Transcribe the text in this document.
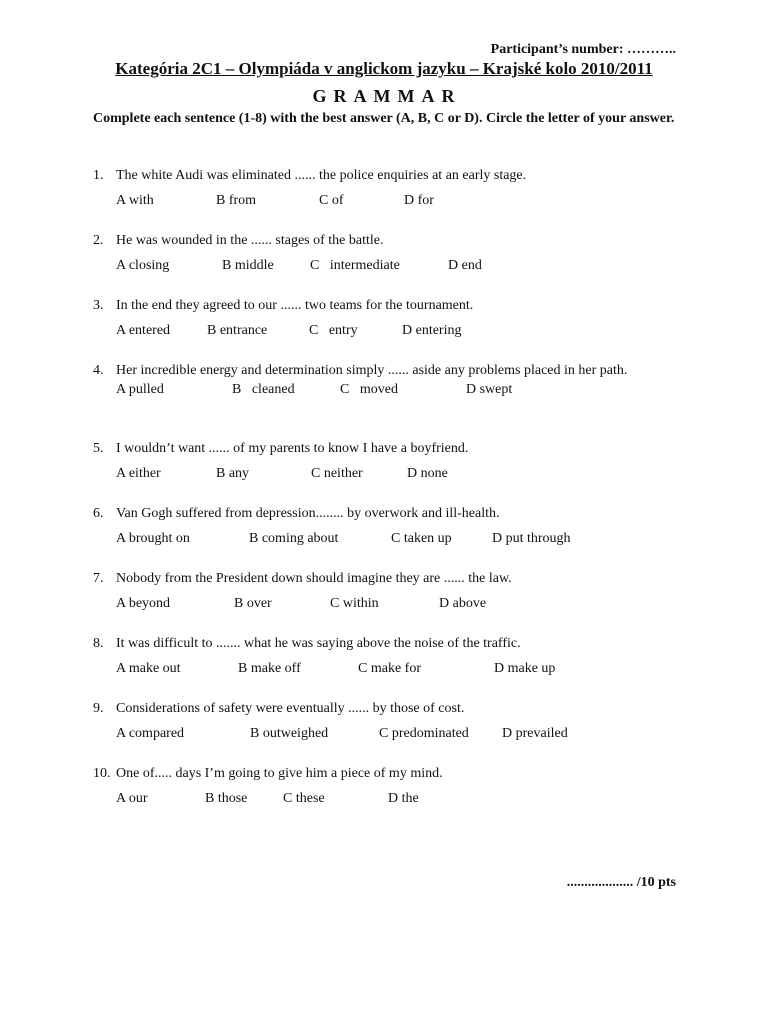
Participant’s number: ………..
Kategória 2C1 – Olympiáda v anglickom jazyku – Krajské kolo 2010/2011
GRAMMAR
Complete each sentence (1-8) with the best answer (A, B, C or D). Circle the letter of your answer.
1. The white Audi was eliminated ...... the police enquiries at an early stage.
A with	B from	C of	D for
2. He was wounded in the ...... stages of the battle.
A closing	B middle	C   intermediate	D end
3. In the end they agreed to our ...... two teams for the tournament.
A entered	B entrance	C   entry	D entering
4. Her incredible energy and determination simply ...... aside any problems placed in her path.
A pulled	B   cleaned	C   moved	D swept
5. I wouldn’t want ...... of my parents to know I have a boyfriend.
A either	B any	C neither	D none
6. Van Gogh suffered from depression........ by overwork and ill-health.
A brought on	B coming about	C taken up	D put through
7. Nobody from the President down should imagine they are ...... the law.
A beyond	B over	C within	D above
8. It was difficult to ....... what he was saying above the noise of the traffic.
A make out	B make off	C make for	D make up
9. Considerations of safety were eventually ...... by those of cost.
A compared	B outweighed	C predominated D prevailed
10. One of..... days I’m going to give him a piece of my mind.
A our	B those	C these	D the
................... /10 pts
